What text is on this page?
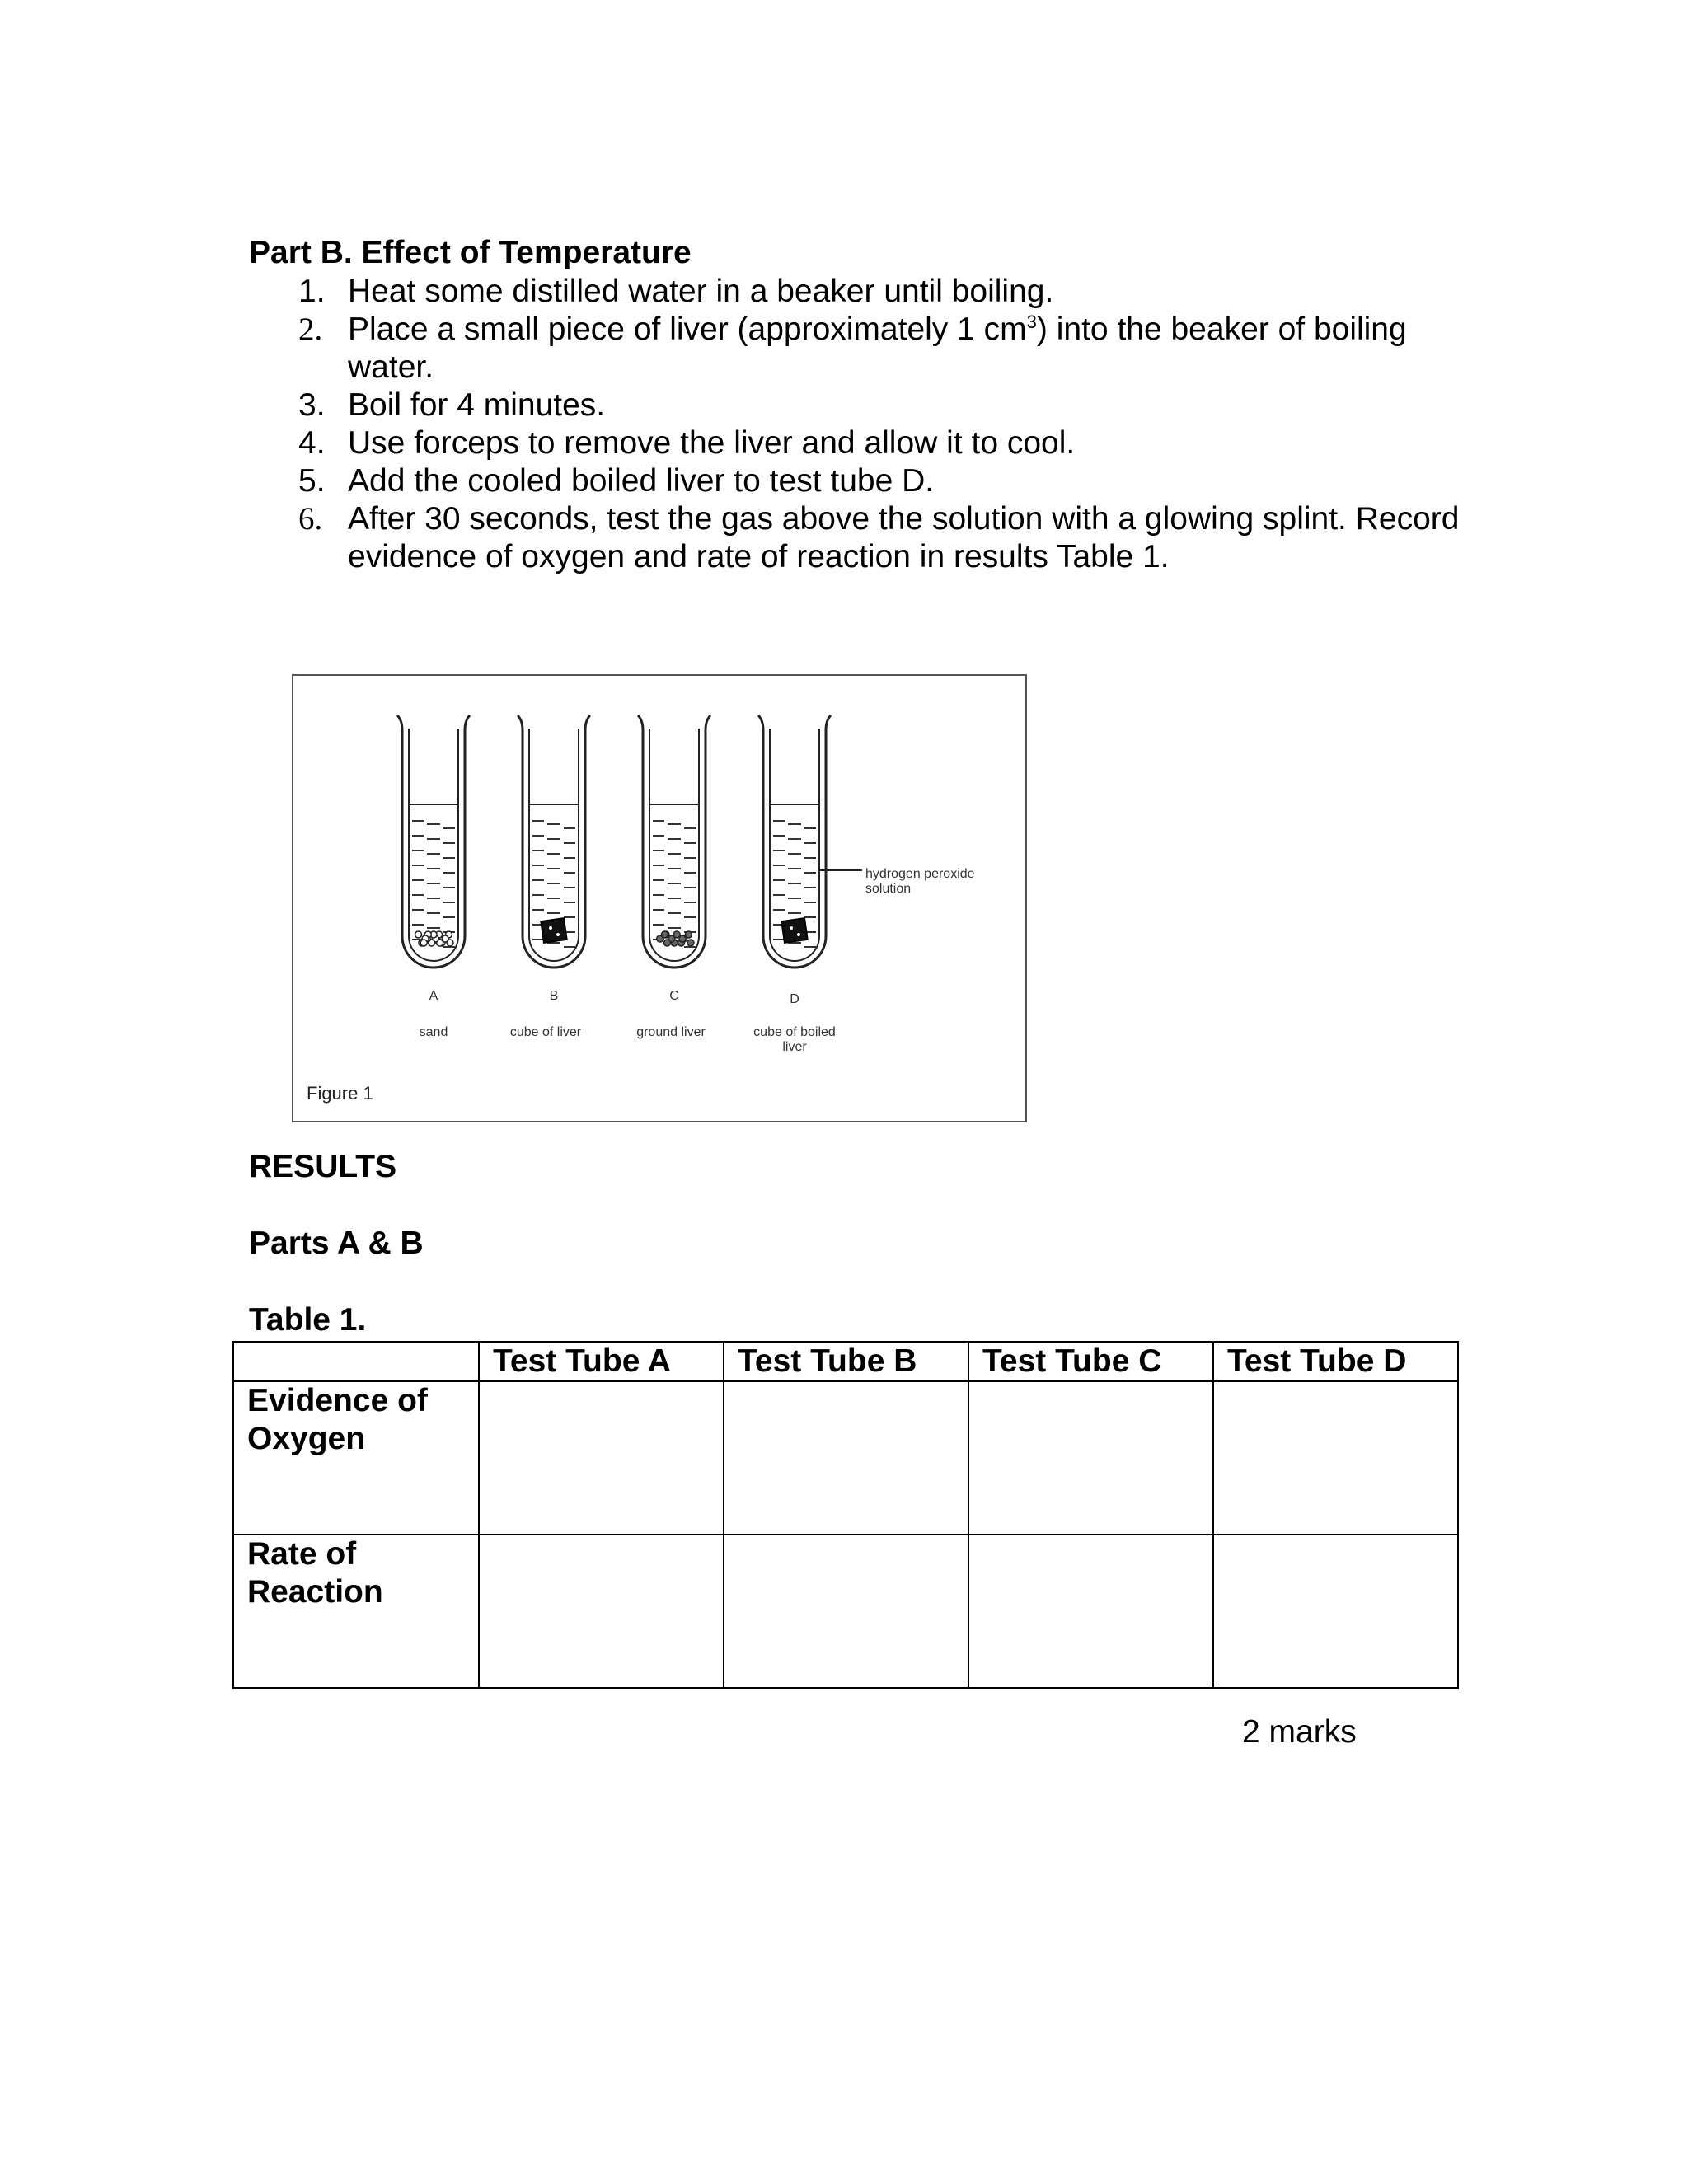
Part B. Effect of Temperature
1. Heat some distilled water in a beaker until boiling.
2. Place a small piece of liver (approximately 1 $cm^3$) into the beaker of boiling water.
3. Boil for 4 minutes.
4. Use forceps to remove the liver and allow it to cool.
5. Add the cooled boiled liver to test tube D.
6. After 30 seconds, test the gas above the solution with a glowing splint. Record evidence of oxygen and rate of reaction in results Table 1.
A	B	C	D
sand	cube of liver	ground liver	cube of boiled liver
hydrogen peroxide solution
Figure 1
RESULTS
Parts A & B
Table 1.
	Test Tube A	Test Tube B	Test Tube C	Test Tube D
Evidence of Oxygen				
Rate of Reaction				

2 marks
